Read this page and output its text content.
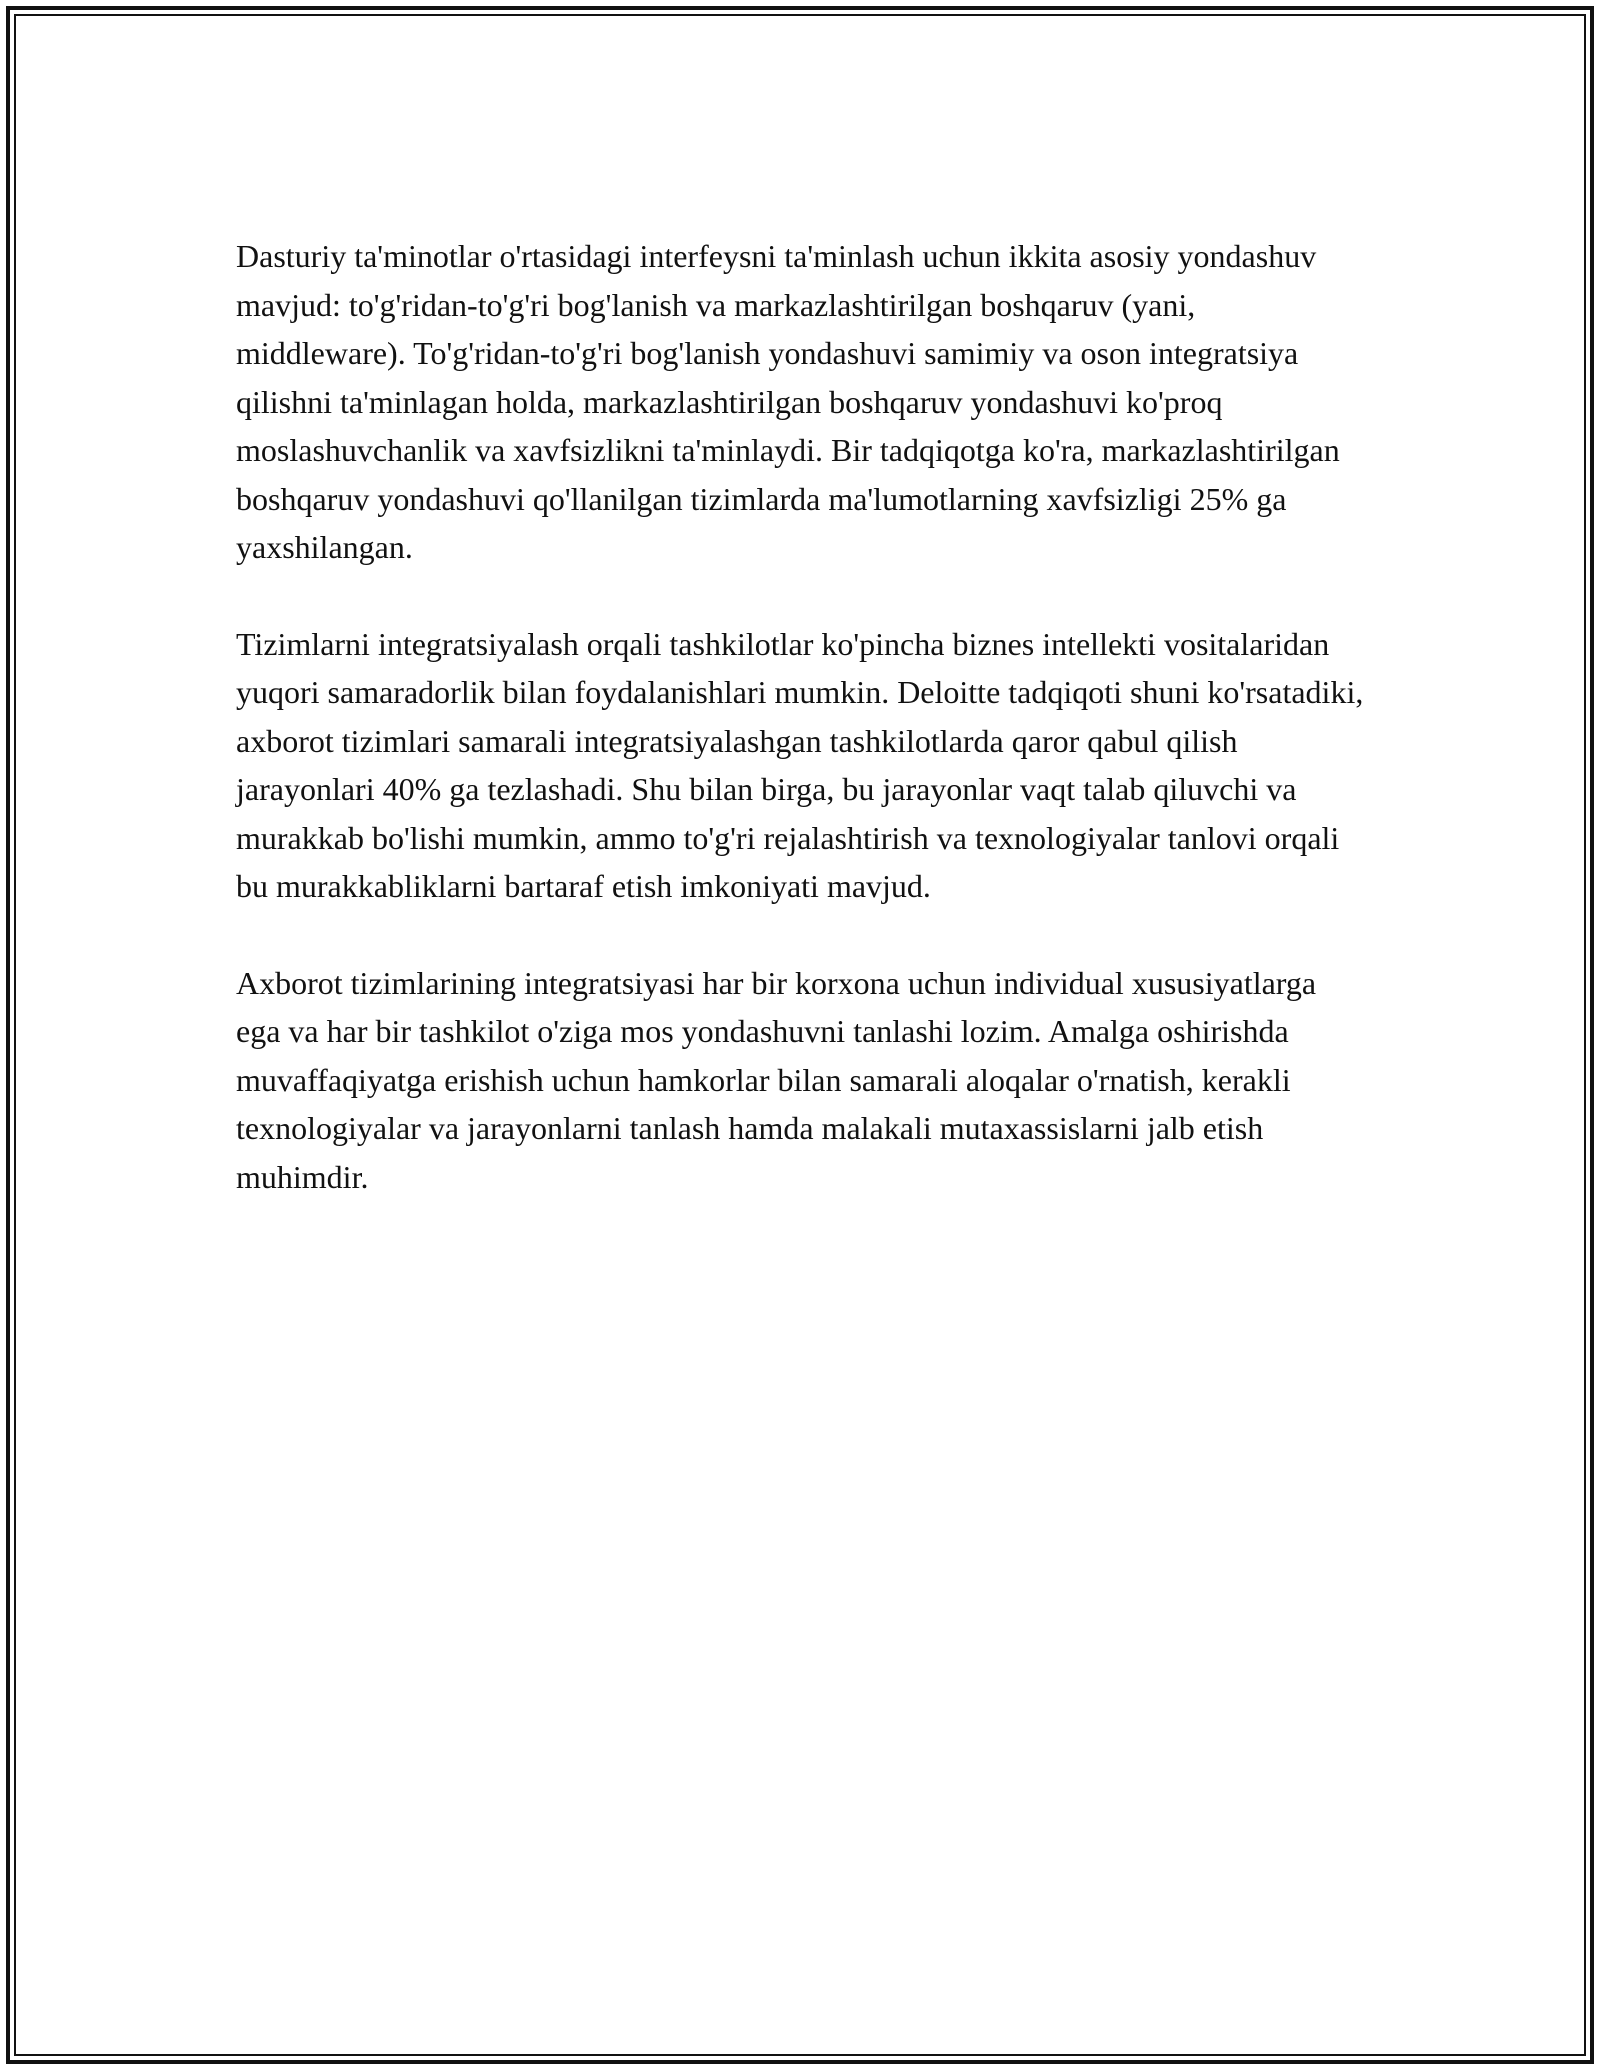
Dasturiy ta'minotlar o'rtasidagi interfeysni ta'minlash uchun ikkita asosiy yondashuv mavjud: to'g'ridan-to'g'ri bog'lanish va markazlashtirilgan boshqaruv (yani, middleware). To'g'ridan-to'g'ri bog'lanish yondashuvi samimiy va oson integratsiya qilishni ta'minlagan holda, markazlashtirilgan boshqaruv yondashuvi ko'proq moslashuvchanlik va xavfsizlikni ta'minlaydi. Bir tadqiqotga ko'ra, markazlashtirilgan boshqaruv yondashuvi qo'llanilgan tizimlarda ma'lumotlarning xavfsizligi 25% ga yaxshilangan.

Tizimlarni integratsiyalash orqali tashkilotlar ko'pincha biznes intellekti vositalaridan yuqori samaradorlik bilan foydalanishlari mumkin. Deloitte tadqiqoti shuni ko'rsatadiki, axborot tizimlari samarali integratsiyalashgan tashkilotlarda qaror qabul qilish jarayonlari 40% ga tezlashadi. Shu bilan birga, bu jarayonlar vaqt talab qiluvchi va murakkab bo'lishi mumkin, ammo to'g'ri rejalashtirish va texnologiyalar tanlovi orqali bu murakkabliklarni bartaraf etish imkoniyati mavjud.

Axborot tizimlarining integratsiyasi har bir korxona uchun individual xususiyatlarga ega va har bir tashkilot o'ziga mos yondashuvni tanlashi lozim. Amalga oshirishda muvaffaqiyatga erishish uchun hamkorlar bilan samarali aloqalar o'rnatish, kerakli texnologiyalar va jarayonlarni tanlash hamda malakali mutaxassislarni jalb etish muhimdir.
